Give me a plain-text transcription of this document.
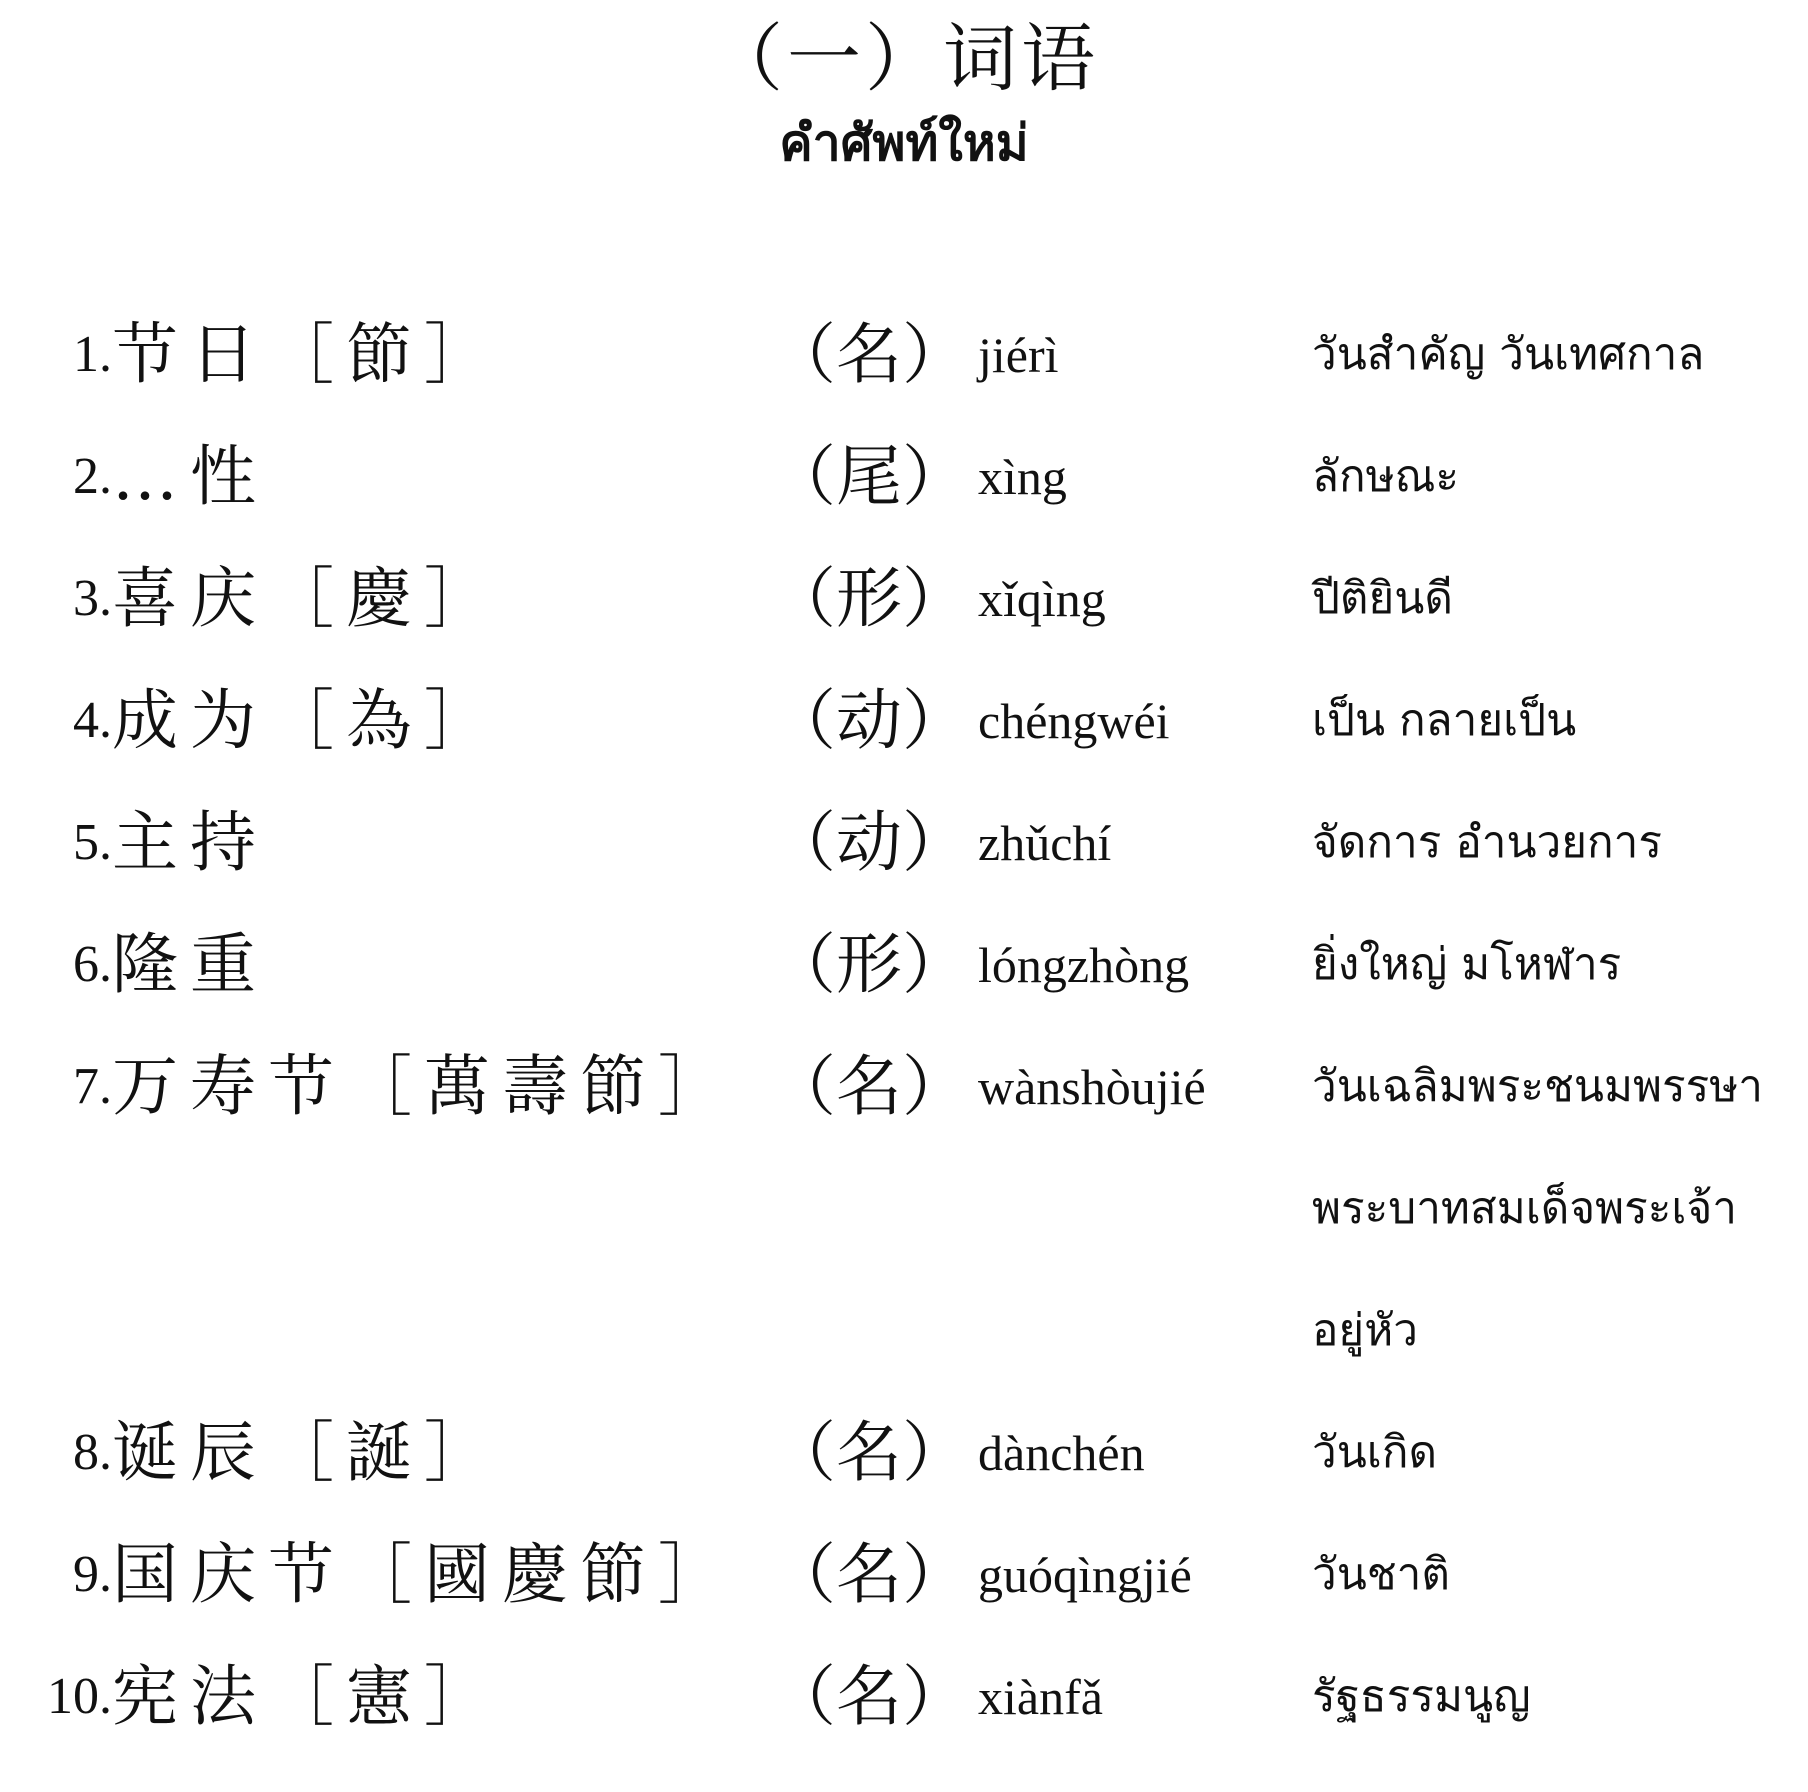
（一）词语
คำศัพท์ใหม่
1. 节日［節］	（名） jiérì	วันสำคัญ วันเทศกาล
2. …性	（尾） xìng	ลักษณะ
3. 喜庆［慶］	（形） xǐqìng	ปีติยินดี
4. 成为［為］	（动） chéngwéi	เป็น กลายเป็น
5. 主持	（动） zhǔchí	จัดการ อำนวยการ
6. 隆重	（形） lóngzhòng	ยิ่งใหญ่ มโหฬาร
7. 万寿节［萬壽節］ （名） wànshòujié วันเฉลิมพระชนมพรรษา
พระบาทสมเด็จพระเจ้า
อยู่หัว
8. 诞辰［誕］	（名） dànchén	วันเกิด
9. 国庆节［國慶節］ （名） guóqìngjié	วันชาติ
10. 宪法［憲］	（名） xiànfǎ	รัฐธรรมนูญ
